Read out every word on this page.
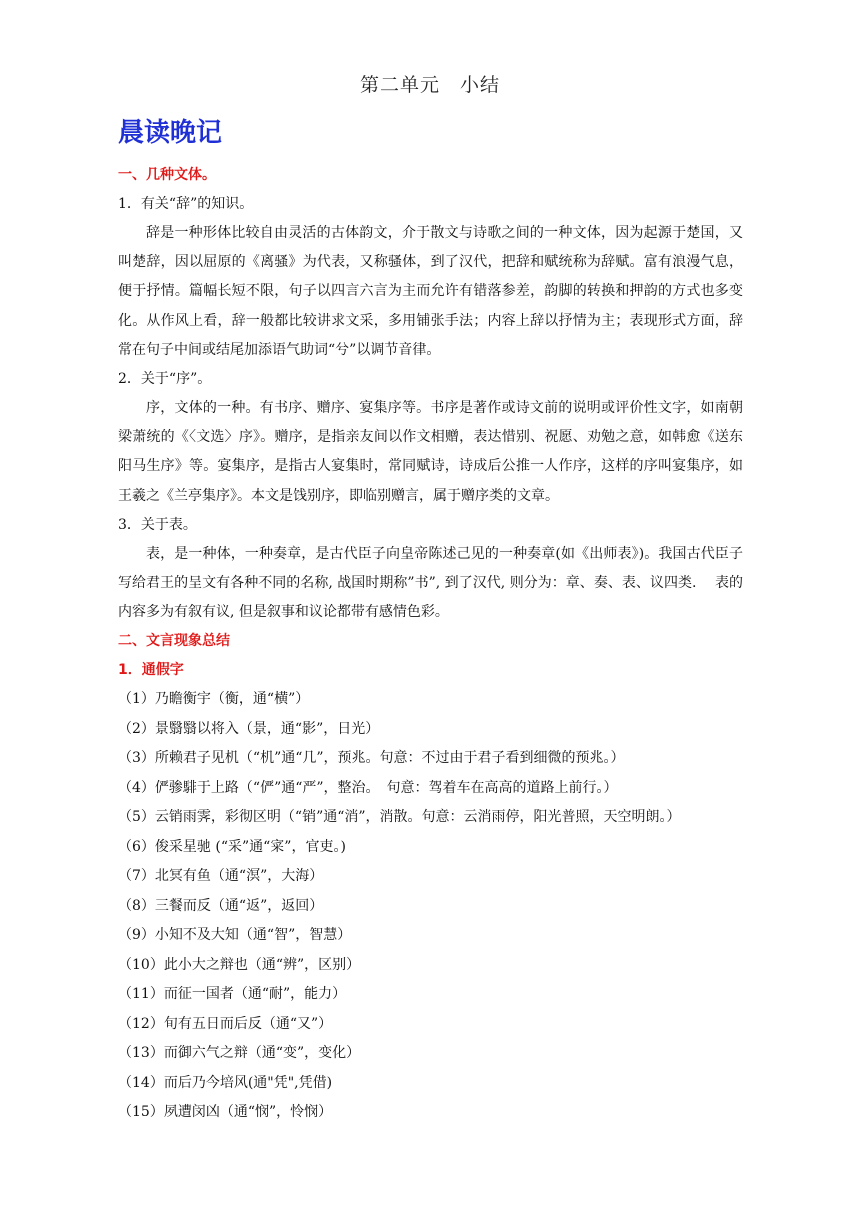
第二单元　小结
晨读晚记
一、几种文体。
1．有关“辞”的知识。
辞是一种形体比较自由灵活的古体韵文，介于散文与诗歌之间的一种文体，因为起源于楚国，又叫楚辞，因以屈原的《离骚》为代表，又称骚体，到了汉代，把辞和赋统称为辞赋。富有浪漫气息，便于抒情。篇幅长短不限，句子以四言六言为主而允许有错落参差，韵脚的转换和押韵的方式也多变化。从作风上看，辞一般都比较讲求文采，多用铺张手法；内容上辞以抒情为主；表现形式方面，辞常在句子中间或结尾加添语气助词“兮”以调节音律。
2．关于“序”。
序，文体的一种。有书序、赠序、宴集序等。书序是著作或诗文前的说明或评价性文字，如南朝梁萧统的《〈文选〉序》。赠序，是指亲友间以作文相赠，表达惜别、祝愿、劝勉之意，如韩愈《送东阳马生序》等。宴集序，是指古人宴集时，常同赋诗，诗成后公推一人作序，这样的序叫宴集序，如王羲之《兰亭集序》。本文是饯别序，即临别赠言，属于赠序类的文章。
3．关于表。
表，是一种体，一种奏章，是古代臣子向皇帝陈述己见的一种奏章(如《出师表》)。我国古代臣子写给君王的呈文有各种不同的名称, 战国时期称”书”, 到了汉代, 则分为：章、奏、表、议四类.　 表的内容多为有叙有议, 但是叙事和议论都带有感情色彩。
二、文言现象总结
1．通假字
（1）乃瞻衡宇（衡，通“横”）
（2）景翳翳以将入（景，通“影”，日光）
（3）所赖君子见机（“机”通“几”，预兆。句意：不过由于君子看到细微的预兆。）
（4）俨骖騑于上路（“俨”通“严”，整治。　句意：驾着车在高高的道路上前行。）
（5）云销雨霁，彩彻区明（“销”通“消”，消散。句意：云消雨停，阳光普照，天空明朗。）
（6）俊采星驰 (“采”通“寀”，官吏。)
（7）北冥有鱼（通“溟”，大海）
（8）三餐而反（通“返”，返回）
（9）小知不及大知（通“智”，智慧）
（10）此小大之辩也（通“辨”，区别）
（11）而征一国者（通“耐”，能力）
（12）旬有五日而后反（通“又”）
（13）而御六气之辩（通“变”，变化）
（14）而后乃今培风(通"凭",凭借)
（15）夙遭闵凶（通“悯”，怜悯）
